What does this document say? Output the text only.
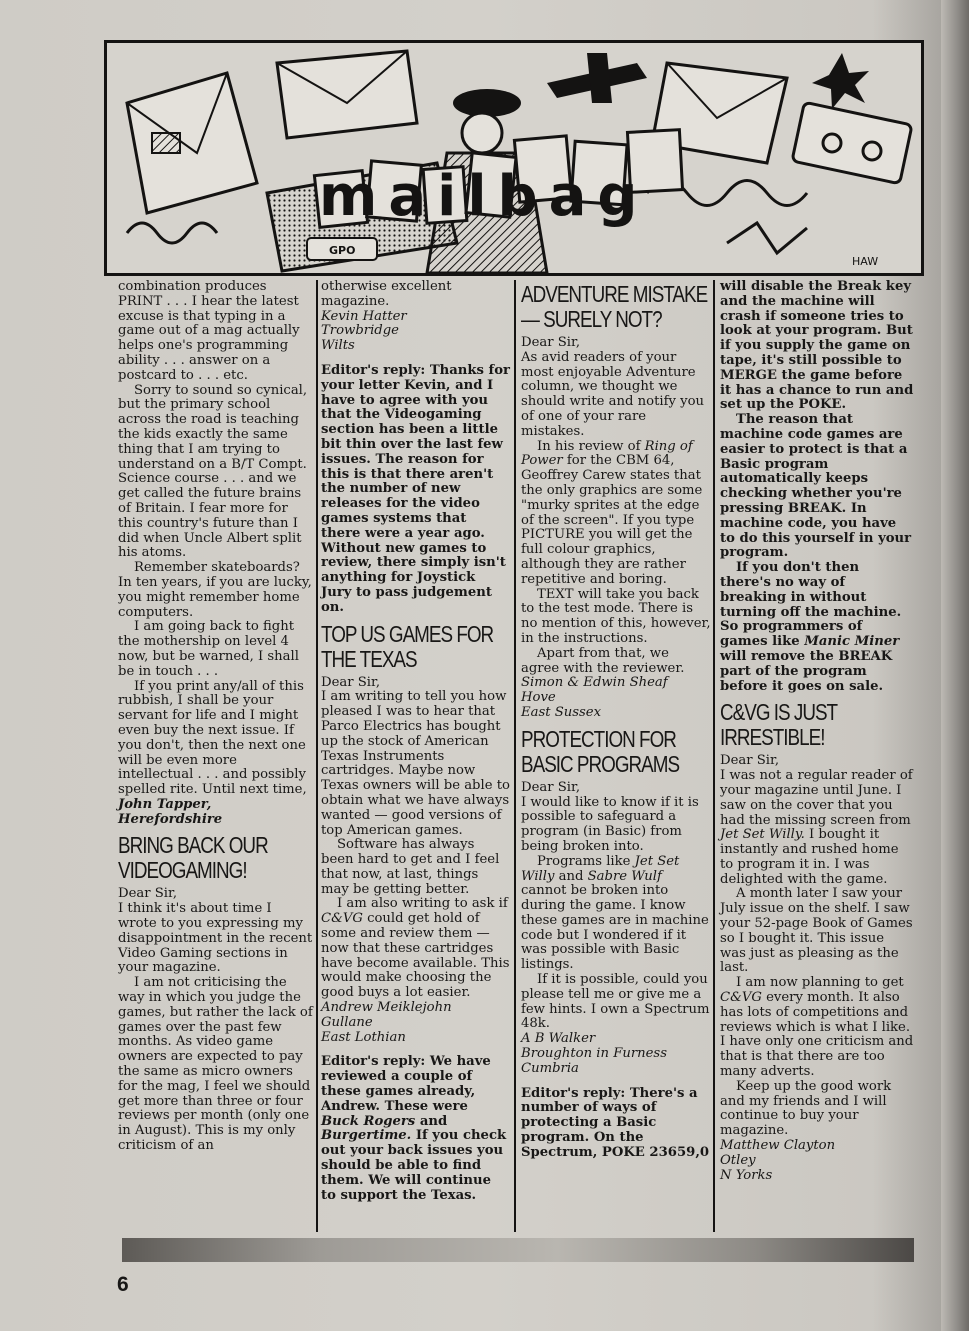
GPO
mailbag
HAW

combination produces PRINT . . . I hear the latest excuse is that typing in a game out of a mag actually helps one's programming ability . . . answer on a postcard to . . . etc.

Sorry to sound so cynical, but the primary school across the road is teaching the kids exactly the same thing that I am trying to understand on a B/T Compt. Science course . . . and we get called the future brains of Britain. I fear more for this country's future than I did when Uncle Albert split his atoms.

Remember skateboards? In ten years, if you are lucky, you might remember home computers.

I am going back to fight the mothership on level 4 now, but be warned, I shall be in touch . . .

If you print any/all of this rubbish, I shall be your servant for life and I might even buy the next issue. If you don't, then the next one will be even more intellectual . . . and possibly spelled rite. Until next time,

John Tapper,

Herefordshire

BRING BACK OUR VIDEOGAMING!

Dear Sir,

I think it's about time I wrote to you expressing my disappointment in the recent Video Gaming sections in your magazine.

I am not criticising the way in which you judge the games, but rather the lack of games over the past few months. As video game owners are expected to pay the same as micro owners for the mag, I feel we should get more than three or four reviews per month (only one in August). This is my only criticism of an

otherwise excellent magazine.

Kevin Hatter

Trowbridge

Wilts

Editor's reply: Thanks for your letter Kevin, and I have to agree with you that the Videogaming section has been a little bit thin over the last few issues. The reason for this is that there aren't the number of new releases for the video games systems that there were a year ago. Without new games to review, there simply isn't anything for Joystick Jury to pass judgement on.

TOP US GAMES FOR THE TEXAS

Dear Sir,

I am writing to tell you how pleased I was to hear that Parco Electrics has bought up the stock of American Texas Instruments cartridges. Maybe now Texas owners will be able to obtain what we have always wanted — good versions of top American games.

Software has always been hard to get and I feel that now, at last, things may be getting better.

I am also writing to ask if C&VG could get hold of some and review them — now that these cartridges have become available. This would make choosing the good buys a lot easier.

Andrew Meiklejohn

Gullane

East Lothian

Editor's reply: We have reviewed a couple of these games already, Andrew. These were Buck Rogers and Burgertime. If you check out your back issues you should be able to find them. We will continue to support the Texas.

ADVENTURE MISTAKE — SURELY NOT?

Dear Sir,

As avid readers of your most enjoyable Adventure column, we thought we should write and notify you of one of your rare mistakes.

In his review of Ring of Power for the CBM 64, Geoffrey Carew states that the only graphics are some "murky sprites at the edge of the screen". If you type PICTURE you will get the full colour graphics, although they are rather repetitive and boring.

TEXT will take you back to the test mode. There is no mention of this, however, in the instructions.

Apart from that, we agree with the reviewer.

Simon & Edwin Sheaf

Hove

East Sussex

PROTECTION FOR BASIC PROGRAMS

Dear Sir,

I would like to know if it is possible to safeguard a program (in Basic) from being broken into.

Programs like Jet Set Willy and Sabre Wulf cannot be broken into during the game. I know these games are in machine code but I wondered if it was possible with Basic listings.

If it is possible, could you please tell me or give me a few hints. I own a Spectrum 48k.

A B Walker

Broughton in Furness

Cumbria

Editor's reply: There's a number of ways of protecting a Basic program. On the Spectrum, POKE 23659,0

will disable the Break key and the machine will crash if someone tries to look at your program. But if you supply the game on tape, it's still possible to MERGE the game before it has a chance to run and set up the POKE.

The reason that machine code games are easier to protect is that a Basic program automatically keeps checking whether you're pressing BREAK. In machine code, you have to do this yourself in your program.

If you don't then there's no way of breaking in without turning off the machine. So programmers of games like Manic Miner will remove the BREAK part of the program before it goes on sale.

C&VG IS JUST IRRESTIBLE!

Dear Sir,

I was not a regular reader of your magazine until June. I saw on the cover that you had the missing screen from Jet Set Willy. I bought it instantly and rushed home to program it in. I was delighted with the game.

A month later I saw your July issue on the shelf. I saw your 52-page Book of Games so I bought it. This issue was just as pleasing as the last.

I am now planning to get C&VG every month. It also has lots of competitions and reviews which is what I like. I have only one criticism and that is that there are too many adverts.

Keep up the good work and my friends and I will continue to buy your magazine.

Matthew Clayton

Otley

N Yorks

6
